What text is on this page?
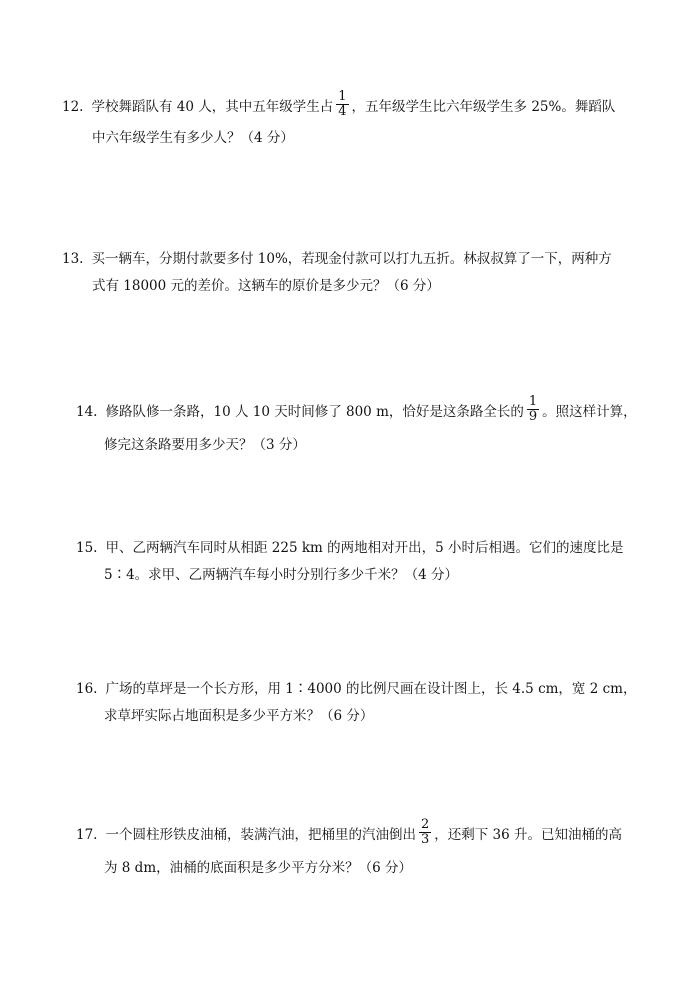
12. 学校舞蹈队有 40 人，其中五年级学生占 $\frac{1}{4}$ ，五年级学生比六年级学生多 25%。舞蹈队
中六年级学生有多少人？（4 分）
13. 买一辆车，分期付款要多付 10%，若现金付款可以打九五折。林叔叔算了一下，两种方
式有 18000 元的差价。这辆车的原价是多少元？（6 分）
14. 修路队修一条路，10 人 10 天时间修了 800 m，恰好是这条路全长的 $\frac{1}{9}$ 。照这样计算，
修完这条路要用多少天？（3 分）
15. 甲、乙两辆汽车同时从相距 225 km 的两地相对开出，5 小时后相遇。它们的速度比是
5∶4。求甲、乙两辆汽车每小时分别行多少千米？（4 分）
16. 广场的草坪是一个长方形，用 1∶4000 的比例尺画在设计图上，长 4.5 cm，宽 2 cm，
求草坪实际占地面积是多少平方米？（6 分）
17. 一个圆柱形铁皮油桶，装满汽油，把桶里的汽油倒出 $\frac{2}{3}$ ，还剩下 36 升。已知油桶的高
为 8 dm，油桶的底面积是多少平方分米？（6 分）
